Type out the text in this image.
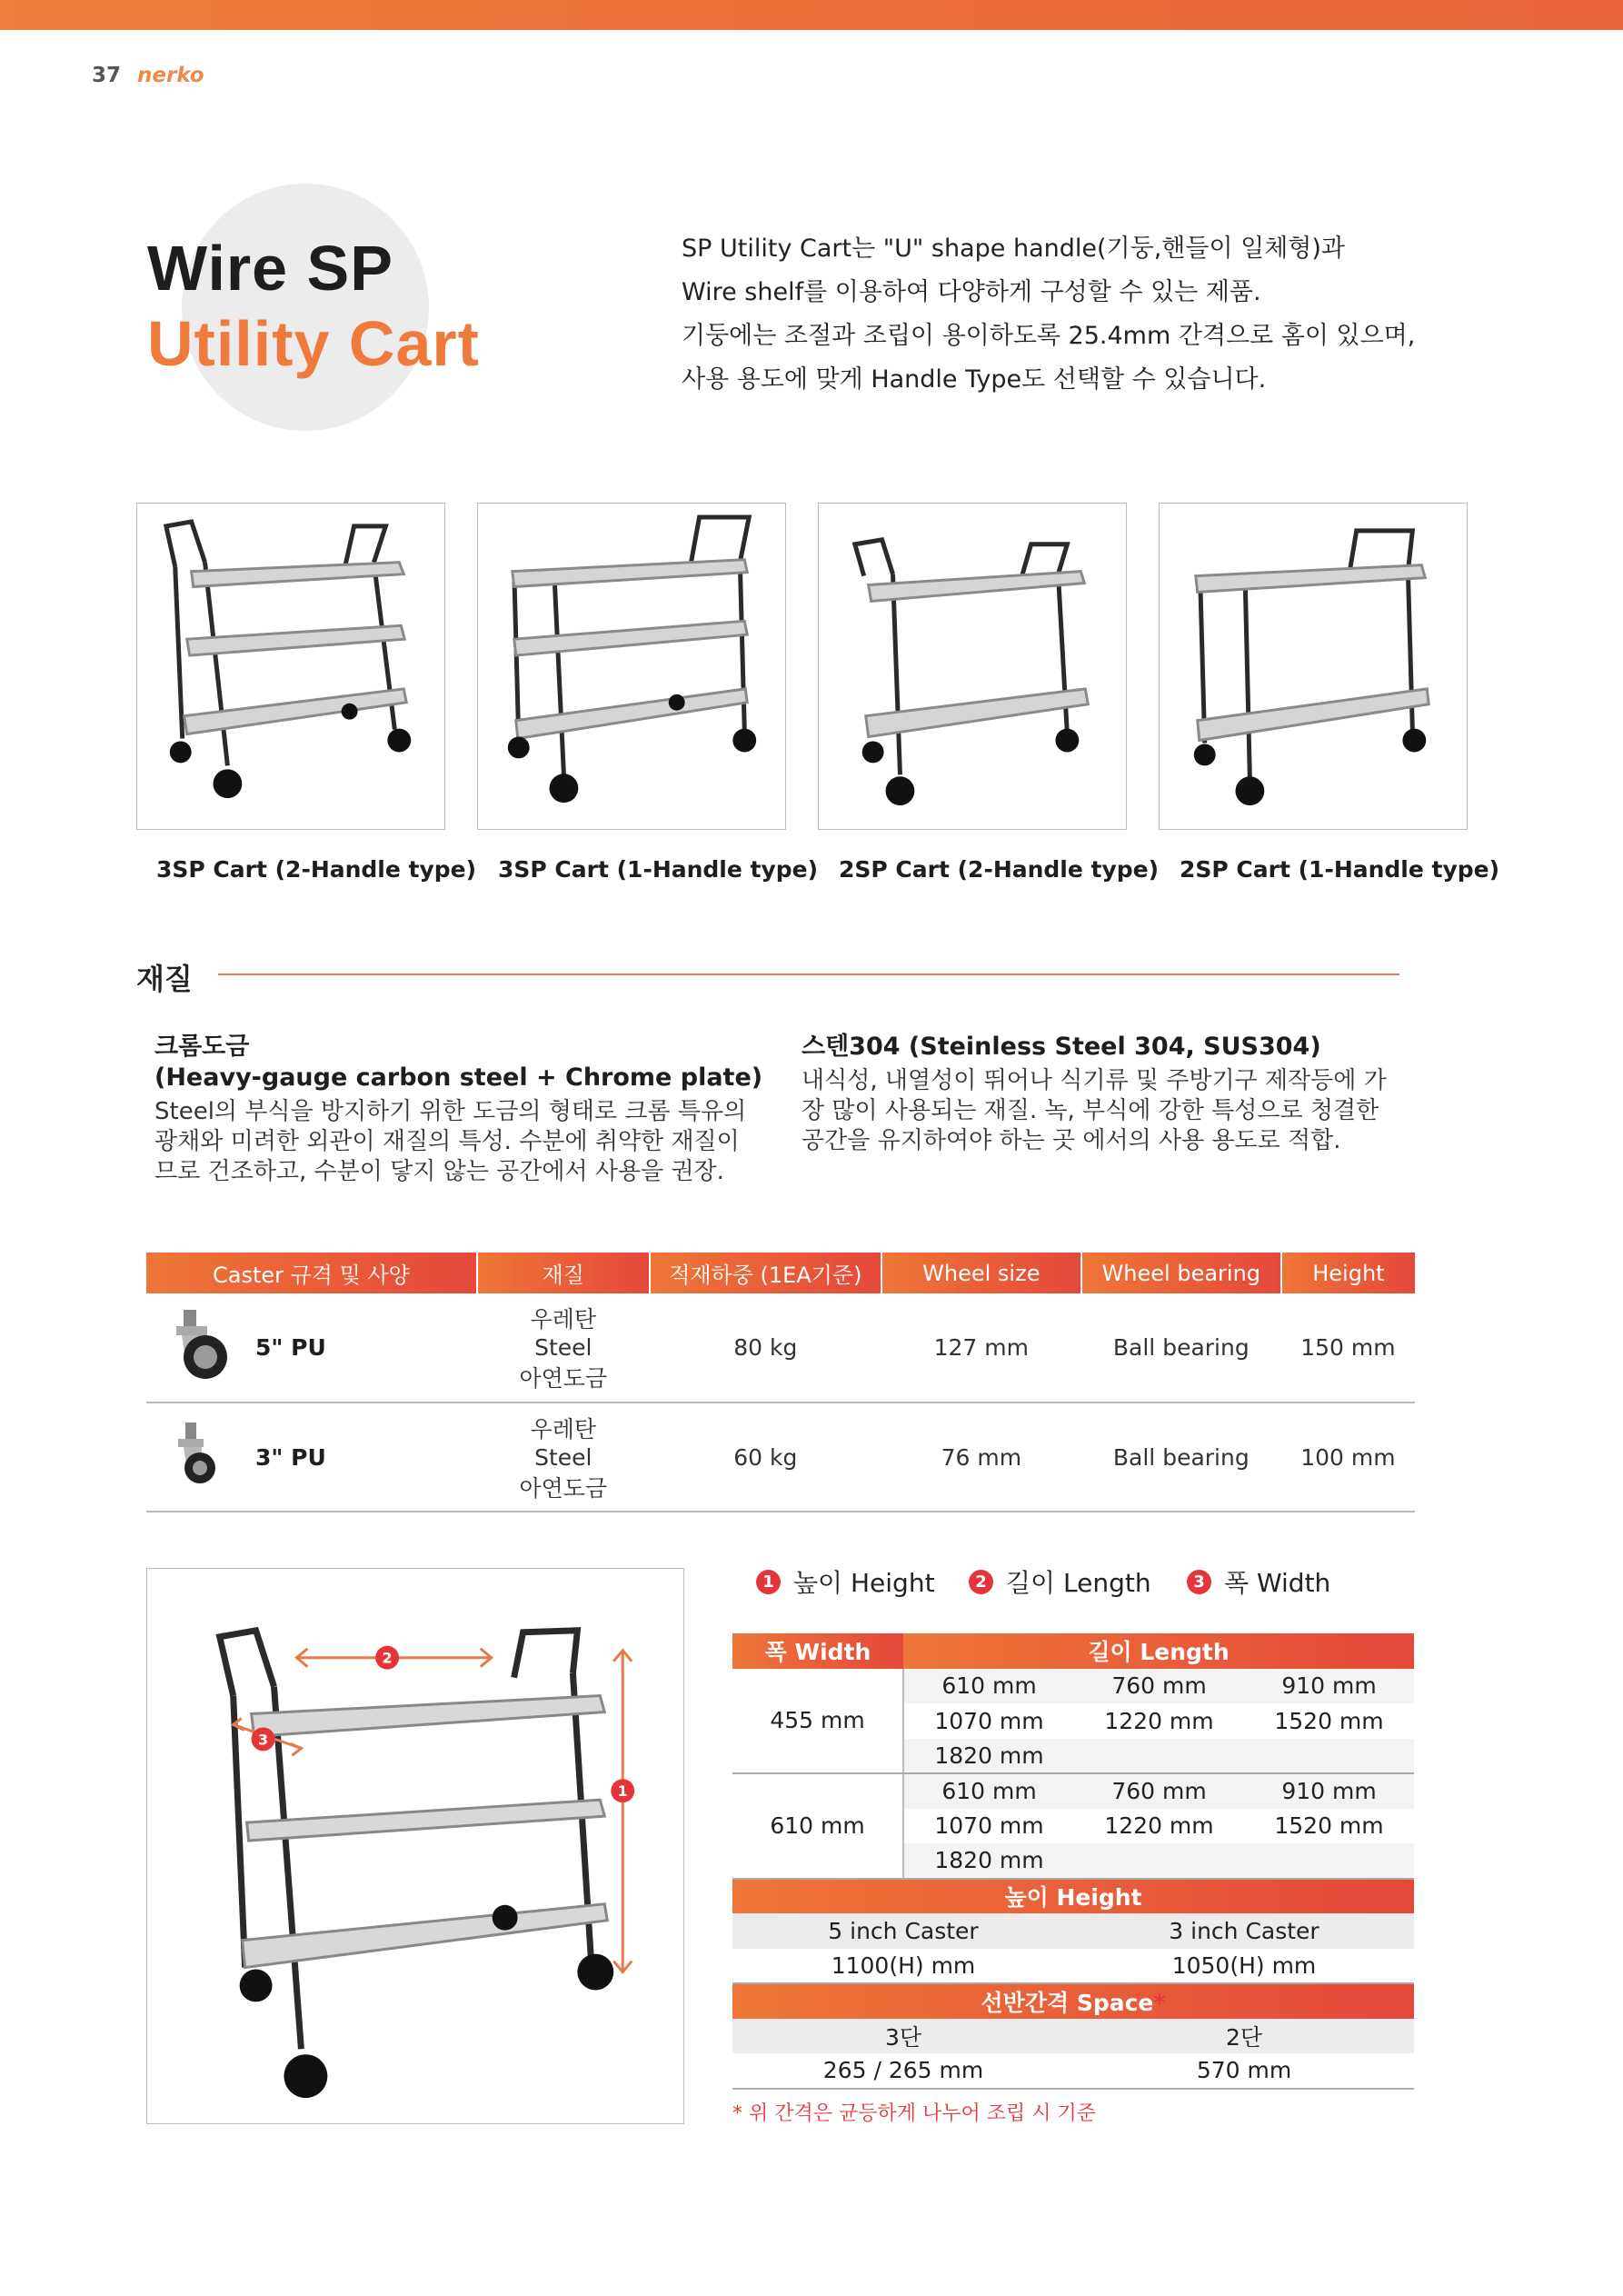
37 nerko
Wire SP
Utility Cart

SP Utility Cart는 "U" shape handle(기둥,핸들이 일체형)과

Wire shelf를 이용하여 다양하게 구성할 수 있는 제품.

기둥에는 조절과 조립이 용이하도록 25.4mm 간격으로 홈이 있으며,

사용 용도에 맞게 Handle Type도 선택할 수 있습니다.

3SP Cart (2-Handle type) 3SP Cart (1-Handle type) 2SP Cart (2-Handle type) 2SP Cart (1-Handle type)
재질
크롬도금
(Heavy-gauge carbon steel + Chrome plate)
Steel의 부식을 방지하기 위한 도금의 형태로 크롬 특유의
광채와 미려한 외관이 재질의 특성. 수분에 취약한 재질이
므로 건조하고, 수분이 닿지 않는 공간에서 사용을 권장.
스텐304 (Steinless Steel 304, SUS304)
내식성, 내열성이 뛰어나 식기류 및 주방기구 제작등에 가
장 많이 사용되는 재질. 녹, 부식에 강한 특성으로 청결한
공간을 유지하여야 하는 곳 에서의 사용 용도로 적합.
Caster 규격 및 사양		재질	적재하중 (1EA기준)	Wheel size	Wheel bearing	Height
	5" PU	우레탄
Steel
아연도금	80 kg	127 mm	Ball bearing	150 mm
	3" PU	우레탄
Steel
아연도금	60 kg	76 mm	Ball bearing	100 mm
2
1
3
1 높이 Height	2 길이 Length	3 폭 Width
폭 Width	길이 Length		
455 mm	610 mm	760 mm	910 mm
	1070 mm	1220 mm	1520 mm
	1820 mm		
610 mm	610 mm	760 mm	910 mm
	1070 mm	1220 mm	1520 mm
	1820 mm		
높이 Height			
5 inch Caster		3 inch Caster	
1100(H) mm		1050(H) mm	
선반간격 Space*			
3단		2단	
265 / 265 mm		570 mm	
* 위 간격은 균등하게 나누어 조립 시 기준
